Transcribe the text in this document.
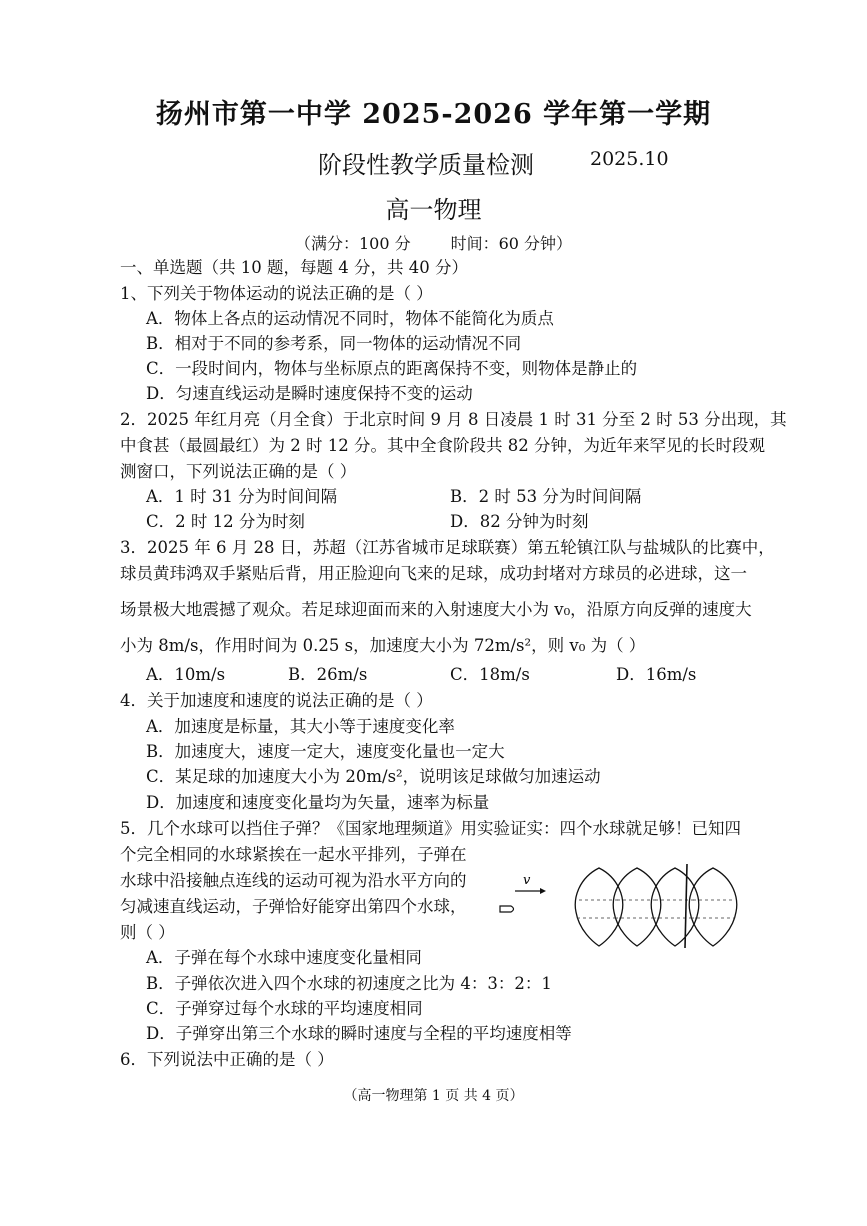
扬州市第一中学 2025-2026 学年第一学期
阶段性教学质量检测	2025.10
高一物理
（满分：100 分	时间：60 分钟）
一、单选题（共 10 题，每题 4 分，共 40 分）
1、下列关于物体运动的说法正确的是（ ）
A．物体上各点的运动情况不同时，物体不能简化为质点
B．相对于不同的参考系，同一物体的运动情况不同
C．一段时间内，物体与坐标原点的距离保持不变，则物体是静止的
D．匀速直线运动是瞬时速度保持不变的运动
2．2025 年红月亮（月全食）于北京时间 9 月 8 日凌晨 1 时 31 分至 2 时 53 分出现，其
中食甚（最圆最红）为 2 时 12 分。其中全食阶段共 82 分钟，为近年来罕见的长时段观
测窗口，下列说法正确的是（ ）
A．1 时 31 分为时间间隔	B．2 时 53 分为时间间隔
C．2 时 12 分为时刻	D．82 分钟为时刻
3．2025 年 6 月 28 日，苏超（江苏省城市足球联赛）第五轮镇江队与盐城队的比赛中，
球员黄玮鸿双手紧贴后背，用正脸迎向飞来的足球，成功封堵对方球员的必进球，这一
场景极大地震撼了观众。若足球迎面而来的入射速度大小为 v₀，沿原方向反弹的速度大
小为 8m/s，作用时间为 0.25 s，加速度大小为 72m/s²，则 v₀ 为（ ）
A．10m/s	B．26m/s	C．18m/s	D．16m/s
4．关于加速度和速度的说法正确的是（ ）
A．加速度是标量，其大小等于速度变化率
B．加速度大，速度一定大，速度变化量也一定大
C．某足球的加速度大小为 20m/s²，说明该足球做匀加速运动
D．加速度和速度变化量均为矢量，速率为标量
5．几个水球可以挡住子弹？《国家地理频道》用实验证实：四个水球就足够！已知四
个完全相同的水球紧挨在一起水平排列，子弹在
水球中沿接触点连线的运动可视为沿水平方向的
匀减速直线运动，子弹恰好能穿出第四个水球，
则（ ）
v
A．子弹在每个水球中速度变化量相同
B．子弹依次进入四个水球的初速度之比为 4：3：2：1
C．子弹穿过每个水球的平均速度相同
D．子弹穿出第三个水球的瞬时速度与全程的平均速度相等
6．下列说法中正确的是（ ）
（高一物理第 1 页 共 4 页）
